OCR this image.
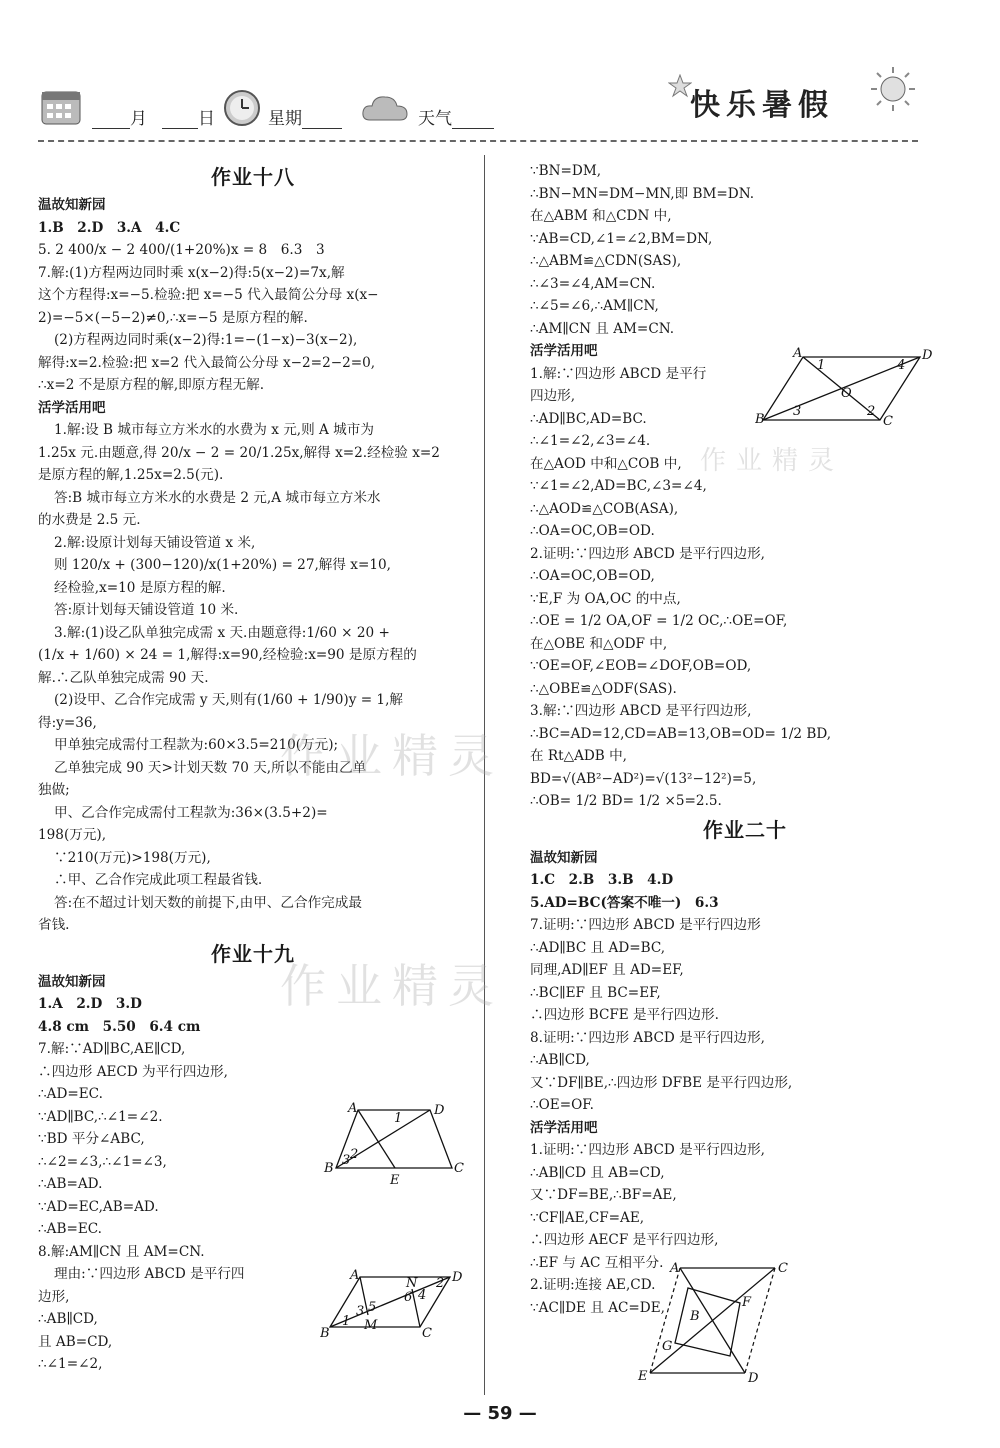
月	日	星期	天气	快乐暑假

作业十八

温故知新园

1.B　2.D　3.A　4.C

5. 2 400/x − 2 400/(1+20%)x = 8　6.3　3

7.解:(1)方程两边同时乘 x(x−2)得:5(x−2)=7x,解

这个方程得:x=−5.检验:把 x=−5 代入最简公分母 x(x−

2)=−5×(−5−2)≠0,∴x=−5 是原方程的解.

(2)方程两边同时乘(x−2)得:1=−(1−x)−3(x−2),

解得:x=2.检验:把 x=2 代入最简公分母 x−2=2−2=0,

∴x=2 不是原方程的解,即原方程无解.

活学活用吧

1.解:设 B 城市每立方米水的水费为 x 元,则 A 城市为

1.25x 元.由题意,得 20/x − 2 = 20/1.25x,解得 x=2.经检验 x=2

是原方程的解,1.25x=2.5(元).

答:B 城市每立方米水的水费是 2 元,A 城市每立方米水

的水费是 2.5 元.

2.解:设原计划每天铺设管道 x 米,

则 120/x + (300−120)/x(1+20%) = 27,解得 x=10,

经检验,x=10 是原方程的解.

答:原计划每天铺设管道 10 米.

3.解:(1)设乙队单独完成需 x 天.由题意得:1/60 × 20 +

(1/x + 1/60) × 24 = 1,解得:x=90,经检验:x=90 是原方程的

解.∴乙队单独完成需 90 天.

(2)设甲、乙合作完成需 y 天,则有(1/60 + 1/90)y = 1,解

得:y=36,

甲单独完成需付工程款为:60×3.5=210(万元);

乙单独完成 90 天>计划天数 70 天,所以不能由乙单

独做;

甲、乙合作完成需付工程款为:36×(3.5+2)=

198(万元),

∵210(万元)>198(万元),

∴甲、乙合作完成此项工程最省钱.

答:在不超过计划天数的前提下,由甲、乙合作完成最

省钱.

作业十九

温故知新园

1.A　2.D　3.D

4.8 cm　5.50　6.4 cm

7.解:∵AD∥BC,AE∥CD,

∴四边形 AECD 为平行四边形,

∴AD=EC.

∵AD∥BC,∴∠1=∠2.

∵BD 平分∠ABC,

∴∠2=∠3,∴∠1=∠3,

∴AB=AD.

∵AD=EC,AB=AD.

∴AB=EC.

8.解:AM∥CN 且 AM=CN.

理由:∵四边形 ABCD 是平行四

边形,

∴AB∥CD,

且 AB=CD,

∴∠1=∠2,

∵BN=DM,

∴BN−MN=DM−MN,即 BM=DN.

在△ABM 和△CDN 中,

∵AB=CD,∠1=∠2,BM=DN,

∴△ABM≌△CDN(SAS),

∴∠3=∠4,AM=CN.

∴∠5=∠6,∴AM∥CN,

∴AM∥CN 且 AM=CN.

活学活用吧

1.解:∵四边形 ABCD 是平行

四边形,

∴AD∥BC,AD=BC.

∴∠1=∠2,∠3=∠4.

在△AOD 中和△COB 中,

∵∠1=∠2,AD=BC,∠3=∠4,

∴△AOD≌△COB(ASA),

∴OA=OC,OB=OD.

2.证明:∵四边形 ABCD 是平行四边形,

∴OA=OC,OB=OD,

∵E,F 为 OA,OC 的中点,

∴OE = 1/2 OA,OF = 1/2 OC,∴OE=OF,

在△OBE 和△ODF 中,

∵OE=OF,∠EOB=∠DOF,OB=OD,

∴△OBE≌△ODF(SAS).

3.解:∵四边形 ABCD 是平行四边形,

∴BC=AD=12,CD=AB=13,OB=OD= 1/2 BD,

在 Rt△ADB 中,

BD=√(AB²−AD²)=√(13²−12²)=5,

∴OB= 1/2 BD= 1/2 ×5=2.5.

作业二十

温故知新园

1.C　2.B　3.B　4.D

5.AD=BC(答案不唯一)　6.3

7.证明:∵四边形 ABCD 是平行四边形

∴AD∥BC 且 AD=BC,

同理,AD∥EF 且 AD=EF,

∴BC∥EF 且 BC=EF,

∴四边形 BCFE 是平行四边形.

8.证明:∵四边形 ABCD 是平行四边形,

∴AB∥CD,

又∵DF∥BE,∴四边形 DFBE 是平行四边形,

∴OE=OF.

活学活用吧

1.证明:∵四边形 ABCD 是平行四边形,

∴AB∥CD 且 AB=CD,

又∵DF=BE,∴BF=AE,

∵CF∥AE,CF=AE,

∴四边形 AECF 是平行四边形,

∴EF 与 AC 互相平分.

2.证明:连接 AE,CD.

∵AC∥DE 且 AC=DE,

A	D
B	C
O
1	4
3	2
A	D
B	C
E
1
3 2
A	D
B	C
M
N
1
3 5
6 4
2
A	C
E	D
B
F
G
作业精灵
作业精灵
作业精灵
— 59 —
